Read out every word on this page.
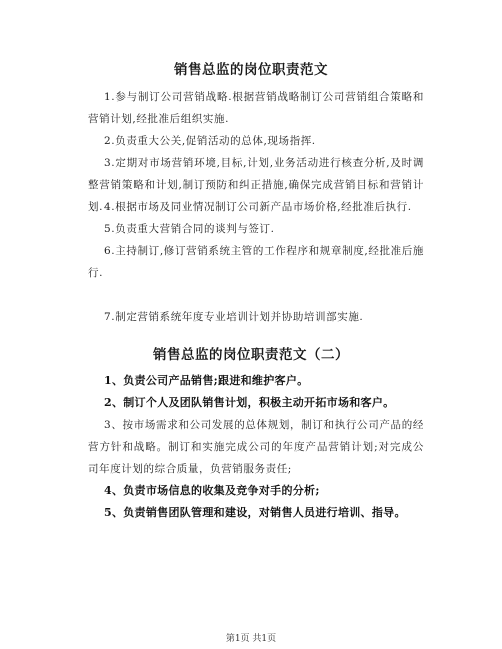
销售总监的岗位职责范文
1.参与制订公司营销战略.根据营销战略制订公司营销组合策略和营销计划,经批准后组织实施.
2.负责重大公关,促销活动的总体,现场指挥.
3.定期对市场营销环境,目标,计划,业务活动进行核查分析,及时调整营销策略和计划,制订预防和纠正措施,确保完成营销目标和营销计划. 4.根据市场及同业情况制订公司新产品市场价格,经批准后执行.
5.负责重大营销合同的谈判与签订.
6.主持制订,修订营销系统主管的工作程序和规章制度,经批准后施行.
7.制定营销系统年度专业培训计划并协助培训部实施.
销售总监的岗位职责范文（二）
1、负责公司产品销售;跟进和维护客户。
2、制订个人及团队销售计划，积极主动开拓市场和客户。
3、按市场需求和公司发展的总体规划，制订和执行公司产品的经营方针和战略。制订和实施完成公司的年度产品营销计划;对完成公司年度计划的综合质量，负营销服务责任;
4、负责市场信息的收集及竞争对手的分析;
5、负责销售团队管理和建设，对销售人员进行培训、指导。
第1页 共1页
